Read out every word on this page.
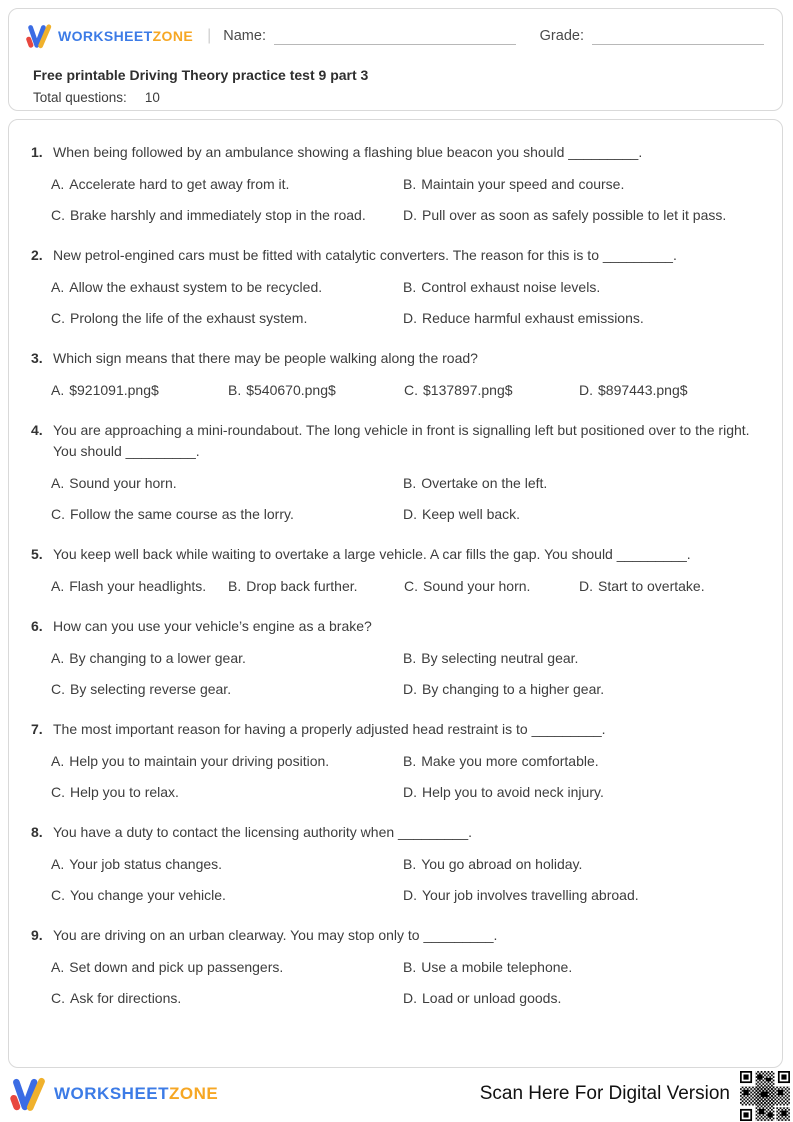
WORKSHEETZONE | Name:	Grade:
Free printable Driving Theory practice test 9 part 3
Total questions: 10
1. When being followed by an ambulance showing a flashing blue beacon you should _________.
A. Accelerate hard to get away from it.	B. Maintain your speed and course.
C. Brake harshly and immediately stop in the road.	D. Pull over as soon as safely possible to let it pass.
2. New petrol-engined cars must be fitted with catalytic converters. The reason for this is to _________.
A. Allow the exhaust system to be recycled.	B. Control exhaust noise levels.
C. Prolong the life of the exhaust system.	D. Reduce harmful exhaust emissions.
3. Which sign means that there may be people walking along the road?
A. $921091.png$	B. $540670.png$	C. $137897.png$	D. $897443.png$
4. You are approaching a mini-roundabout. The long vehicle in front is signalling left but positioned over to the right. You should _________.
A. Sound your horn.	B. Overtake on the left.
C. Follow the same course as the lorry.	D. Keep well back.
5. You keep well back while waiting to overtake a large vehicle. A car fills the gap. You should _________.
A. Flash your headlights. B. Drop back further.	C. Sound your horn.	D. Start to overtake.
6. How can you use your vehicle’s engine as a brake?
A. By changing to a lower gear.	B. By selecting neutral gear.
C. By selecting reverse gear.	D. By changing to a higher gear.
7. The most important reason for having a properly adjusted head restraint is to _________.
A. Help you to maintain your driving position.	B. Make you more comfortable.
C. Help you to relax.	D. Help you to avoid neck injury.
8. You have a duty to contact the licensing authority when _________.
A. Your job status changes.	B. You go abroad on holiday.
C. You change your vehicle.	D. Your job involves travelling abroad.
9. You are driving on an urban clearway. You may stop only to _________.
A. Set down and pick up passengers.	B. Use a mobile telephone.
C. Ask for directions.	D. Load or unload goods.
WORKSHEETZONE	Scan Here For Digital Version
